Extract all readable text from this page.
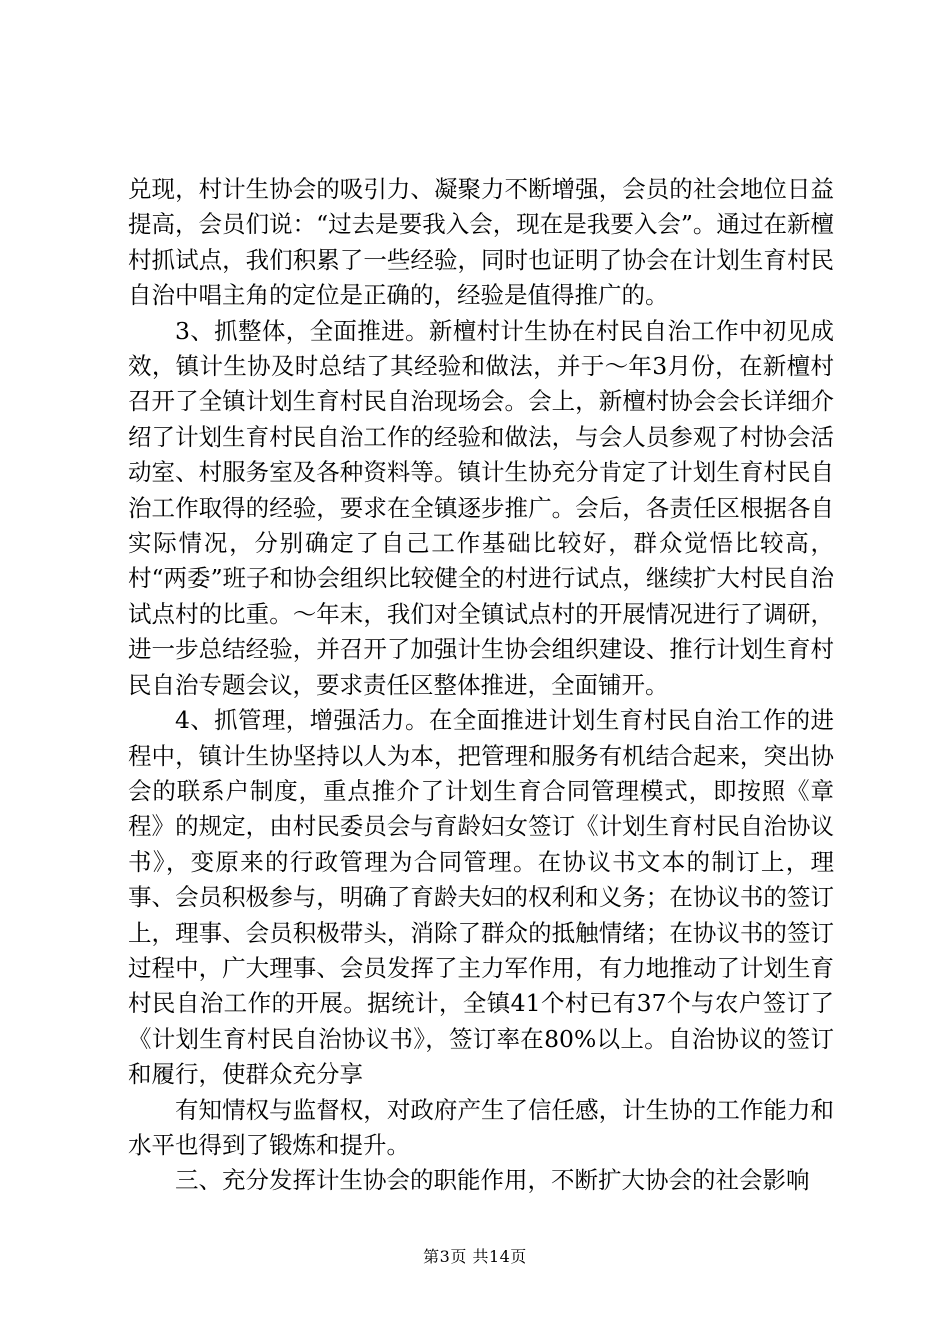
兑现，村计生协会的吸引力、凝聚力不断增强，会员的社会地位日益提高，会员们说：“过去是要我入会，现在是我要入会”。通过在新檀村抓试点，我们积累了一些经验，同时也证明了协会在计划生育村民自治中唱主角的定位是正确的，经验是值得推广的。

3、抓整体，全面推进。新檀村计生协在村民自治工作中初见成效，镇计生协及时总结了其经验和做法，并于～年3月份，在新檀村召开了全镇计划生育村民自治现场会。会上，新檀村协会会长详细介绍了计划生育村民自治工作的经验和做法，与会人员参观了村协会活动室、村服务室及各种资料等。镇计生协充分肯定了计划生育村民自治工作取得的经验，要求在全镇逐步推广。会后，各责任区根据各自实际情况，分别确定了自己工作基础比较好，群众觉悟比较高，村“两委”班子和协会组织比较健全的村进行试点，继续扩大村民自治试点村的比重。～年末，我们对全镇试点村的开展情况进行了调研，进一步总结经验，并召开了加强计生协会组织建设、推行计划生育村民自治专题会议，要求责任区整体推进，全面铺开。

4、抓管理，增强活力。在全面推进计划生育村民自治工作的进程中，镇计生协坚持以人为本，把管理和服务有机结合起来，突出协会的联系户制度，重点推介了计划生育合同管理模式，即按照《章程》的规定，由村民委员会与育龄妇女签订《计划生育村民自治协议书》，变原来的行政管理为合同管理。在协议书文本的制订上，理事、会员积极参与，明确了育龄夫妇的权利和义务；在协议书的签订上，理事、会员积极带头，消除了群众的抵触情绪；在协议书的签订过程中，广大理事、会员发挥了主力军作用，有力地推动了计划生育村民自治工作的开展。据统计，全镇41个村已有37个与农户签订了《计划生育村民自治协议书》，签订率在80%以上。自治协议的签订和履行，使群众充分享

有知情权与监督权，对政府产生了信任感，计生协的工作能力和水平也得到了锻炼和提升。

三、充分发挥计生协会的职能作用，不断扩大协会的社会影响

第3页 共14页
